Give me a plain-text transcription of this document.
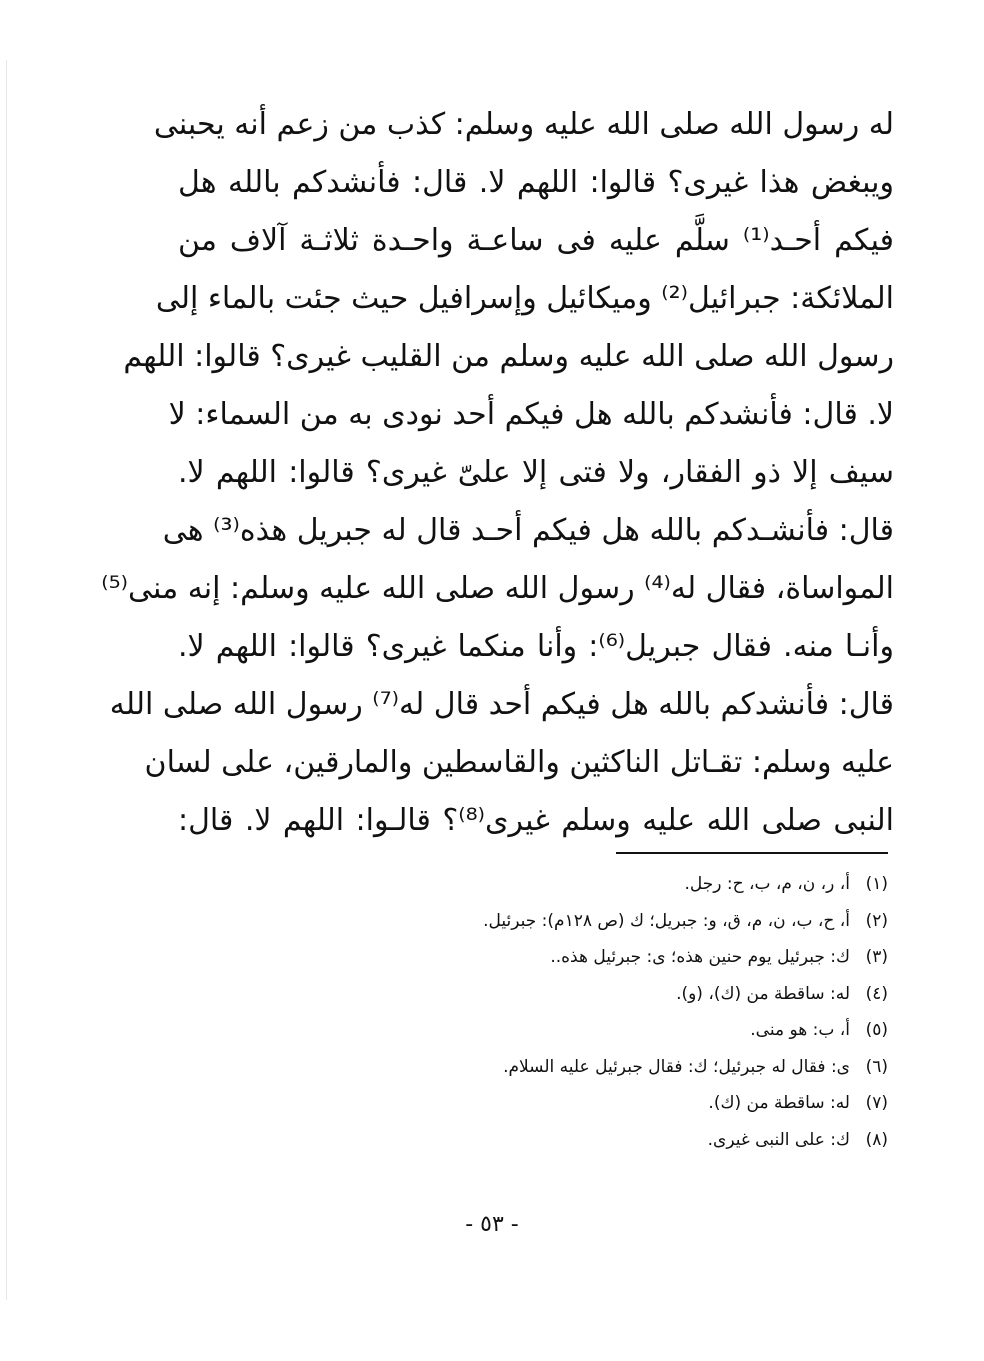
له رسول الله صلى الله عليه وسلم: كذب من زعم أنه يحبنى
ويبغض هذا غيرى؟ قالوا: اللهم لا. قال: فأنشدكم بالله هل
فيكم أحـد⁽¹⁾ سلَّم عليه فى ساعـة واحـدة ثلاثـة آلاف من
الملائكة: جبرائيل⁽²⁾ وميكائيل وإسرافيل حيث جئت بالماء إلى
رسول الله صلى الله عليه وسلم من القليب غيرى؟ قالوا: اللهم
لا. قال: فأنشدكم بالله هل فيكم أحد نودى به من السماء: لا
سيف إلا ذو الفقار، ولا فتى إلا علىّ غيرى؟ قالوا: اللهم لا.
قال: فأنشـدكم بالله هل فيكم أحـد قال له جبريل هذه⁽³⁾ هى
المواساة، فقال له⁽⁴⁾ رسول الله صلى الله عليه وسلم: إنه منى⁽⁵⁾
وأنـا منه. فقال جبريل⁽⁶⁾: وأنا منكما غيرى؟ قالوا: اللهم لا.
قال: فأنشدكم بالله هل فيكم أحد قال له⁽⁷⁾ رسول الله صلى الله
عليه وسلم: تقـاتل الناكثين والقاسطين والمارقين، على لسان
النبى صلى الله عليه وسلم غيرى⁽⁸⁾؟ قالـوا: اللهم لا. قال:
(١)
أ، ر، ن، م، ب، ح: رجل.
(٢)
أ، ح، ب، ن، م، ق، و: جبريل؛ ك (ص ١٢٨م): جبرئيل.
(٣)
ك: جبرئيل يوم حنين هذه؛ ى: جبرئيل هذه..
(٤)
له: ساقطة من (ك)، (و).
(٥)
أ، ب: هو منى.
(٦)
ى: فقال له جبرئيل؛ ك: فقال جبرئيل عليه السلام.
(٧)
له: ساقطة من (ك).
(٨)
ك: على النبى غيرى.
- ٥٣ -
